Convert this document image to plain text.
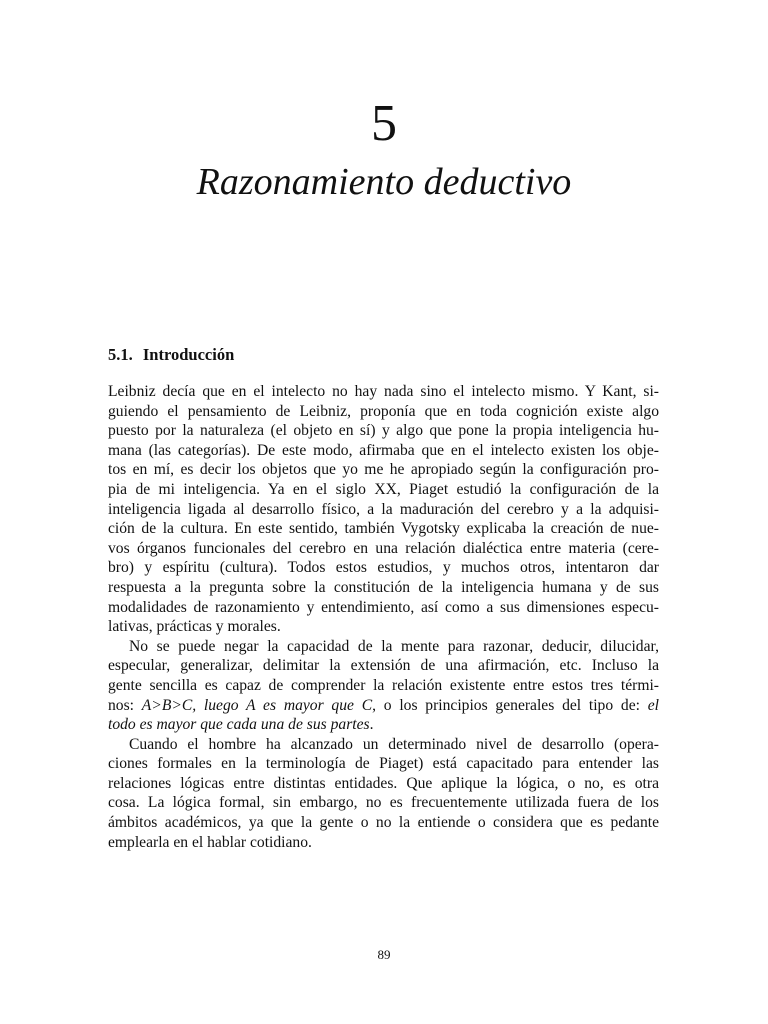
5
Razonamiento deductivo
5.1. Introducción
Leibniz decía que en el intelecto no hay nada sino el intelecto mismo. Y Kant, si-
guiendo el pensamiento de Leibniz, proponía que en toda cognición existe algo
puesto por la naturaleza (el objeto en sí) y algo que pone la propia inteligencia hu-
mana (las categorías). De este modo, afirmaba que en el intelecto existen los obje-
tos en mí, es decir los objetos que yo me he apropiado según la configuración pro-
pia de mi inteligencia. Ya en el siglo XX, Piaget estudió la configuración de la
inteligencia ligada al desarrollo físico, a la maduración del cerebro y a la adquisi-
ción de la cultura. En este sentido, también Vygotsky explicaba la creación de nue-
vos órganos funcionales del cerebro en una relación dialéctica entre materia (cere-
bro) y espíritu (cultura). Todos estos estudios, y muchos otros, intentaron dar
respuesta a la pregunta sobre la constitución de la inteligencia humana y de sus
modalidades de razonamiento y entendimiento, así como a sus dimensiones especu-
lativas, prácticas y morales.
No se puede negar la capacidad de la mente para razonar, deducir, dilucidar,
especular, generalizar, delimitar la extensión de una afirmación, etc. Incluso la
gente sencilla es capaz de comprender la relación existente entre estos tres térmi-
nos: A>B>C, luego A es mayor que C, o los principios generales del tipo de: el
todo es mayor que cada una de sus partes.
Cuando el hombre ha alcanzado un determinado nivel de desarrollo (opera-
ciones formales en la terminología de Piaget) está capacitado para entender las
relaciones lógicas entre distintas entidades. Que aplique la lógica, o no, es otra
cosa. La lógica formal, sin embargo, no es frecuentemente utilizada fuera de los
ámbitos académicos, ya que la gente o no la entiende o considera que es pedante
emplearla en el hablar cotidiano.
89
